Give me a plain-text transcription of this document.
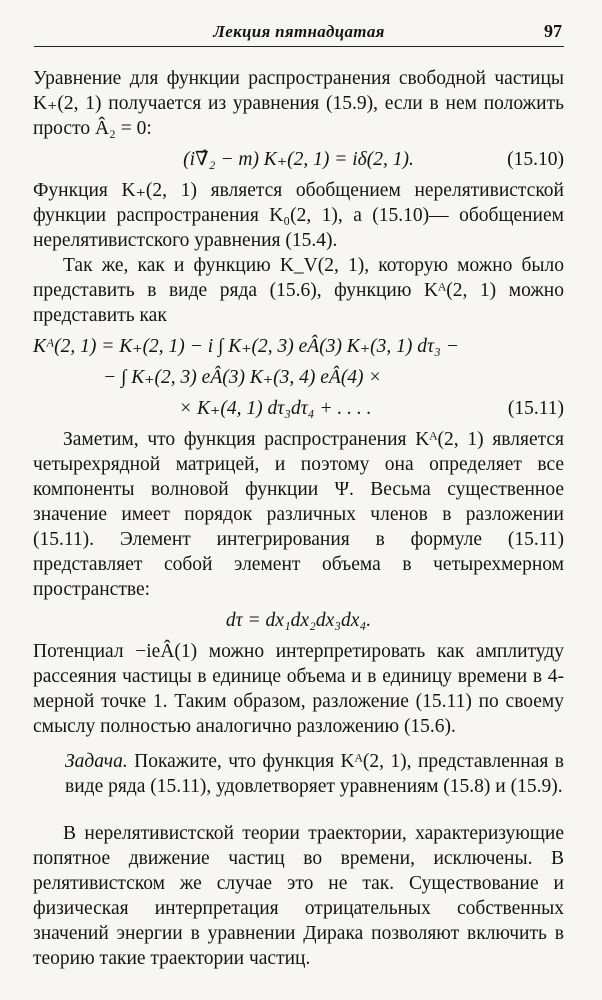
Лекция пятнадцатая	97

Уравнение для функции распространения свободной частицы K₊(2, 1) получается из уравнения (15.9), если в нем положить просто Â₂ = 0:

(i∇̂₂ − m) K₊(2, 1) = iδ(2, 1).	(15.10)

Функция K₊(2, 1) является обобщением нерелятивистской функции распространения K₀(2, 1), а (15.10)— обобщением нерелятивистского уравнения (15.4).

Так же, как и функцию K_V(2, 1), которую можно было представить в виде ряда (15.6), функцию Kᴬ(2, 1) можно представить как

Kᴬ(2, 1) = K₊(2, 1) − i ∫ K₊(2, 3) eÂ(3) K₊(3, 1) dτ₃ −
− ∫ K₊(2, 3) eÂ(3) K₊(3, 4) eÂ(4) ×
× K₊(4, 1) dτ₃dτ₄ + . . . .	(15.11)

Заметим, что функция распространения Kᴬ(2, 1) является четырехрядной матрицей, и поэтому она определяет все компоненты волновой функции Ψ. Весьма существенное значение имеет порядок различных членов в разложении (15.11). Элемент интегрирования в формуле (15.11) представляет собой элемент объема в четырехмерном пространстве:

dτ = dx₁dx₂dx₃dx₄.

Потенциал −ieÂ(1) можно интерпретировать как амплитуду рассеяния частицы в единице объема и в единицу времени в 4-мерной точке 1. Таким образом, разложение (15.11) по своему смыслу полностью аналогично разложению (15.6).

Задача. Покажите, что функция Kᴬ(2, 1), представленная в виде ряда (15.11), удовлетворяет уравнениям (15.8) и (15.9).

В нерелятивистской теории траектории, характеризующие попятное движение частиц во времени, исключены. В релятивистском же случае это не так. Существование и физическая интерпретация отрицательных собственных значений энергии в уравнении Дирака позволяют включить в теорию такие траектории частиц.
